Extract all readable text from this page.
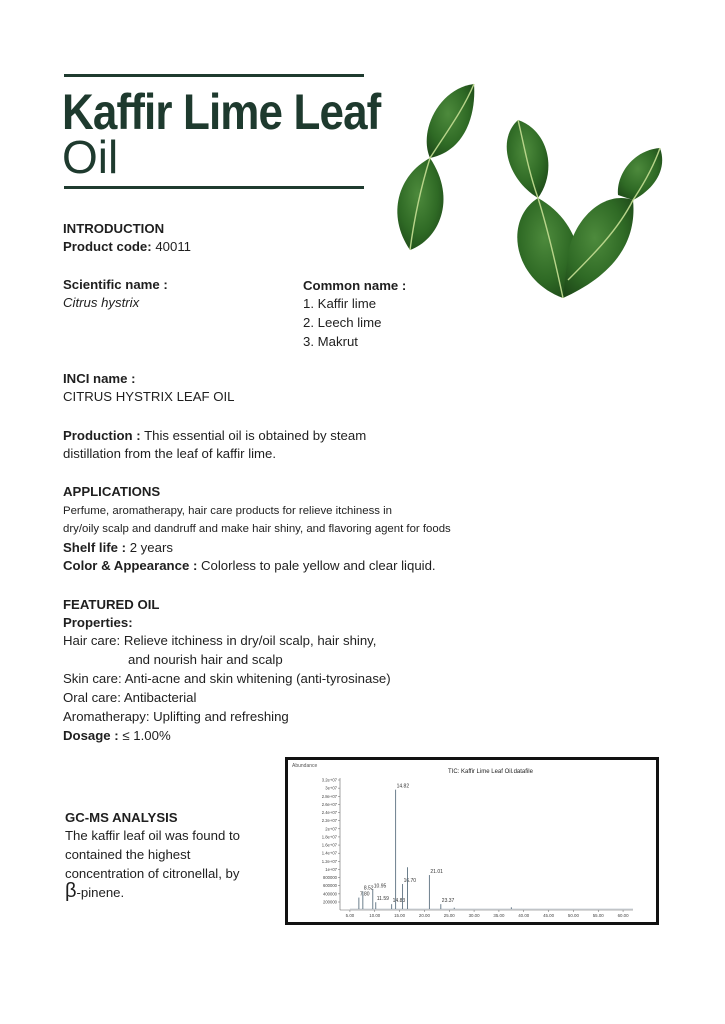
Kaffir Lime Leaf
Oil
INTRODUCTION
Product code: 40011
Scientific name :
Citrus hystrix
Common name :
1. Kaffir lime
2. Leech lime
3. Makrut
INCI name :
CITRUS HYSTRIX LEAF OIL
Production : This essential oil is obtained by steam
distillation from the leaf of kaffir lime.
APPLICATIONS
Perfume, aromatherapy, hair care products for relieve itchiness in
dry/oily scalp and dandruff and make hair shiny, and flavoring agent for foods
Shelf life : 2 years
Color & Appearance : Colorless to pale yellow and clear liquid.
FEATURED OIL
Properties:
Hair care: Relieve itchiness in dry/oil scalp, hair shiny,
and nourish hair and scalp
Skin care: Anti-acne and skin whitening (anti-tyrosinase)
Oral care: Antibacterial
Aromatherapy: Uplifting and refreshing
Dosage : ≤ 1.00%
GC-MS ANALYSIS
The kaffir leaf oil was found to
contained the highest
concentration of citronellal, by
β-pinene.
TIC: Kaffir Lime Leaf Oil.datafile
Abundance
200000
400000
600000
800000
1e+07
1.2e+07
1.4e+07
1.6e+07
1.8e+07
2e+07
2.2e+07
2.4e+07
2.6e+07
2.8e+07
3e+07
3.2e+07
5.00	10.00	15.00	20.00	25.00	30.00	35.00	40.00	45.00	50.00	55.00	60.00
7.80
8.52 10.95
11.59 14.83
14.82
16.70
21.01
23.37
